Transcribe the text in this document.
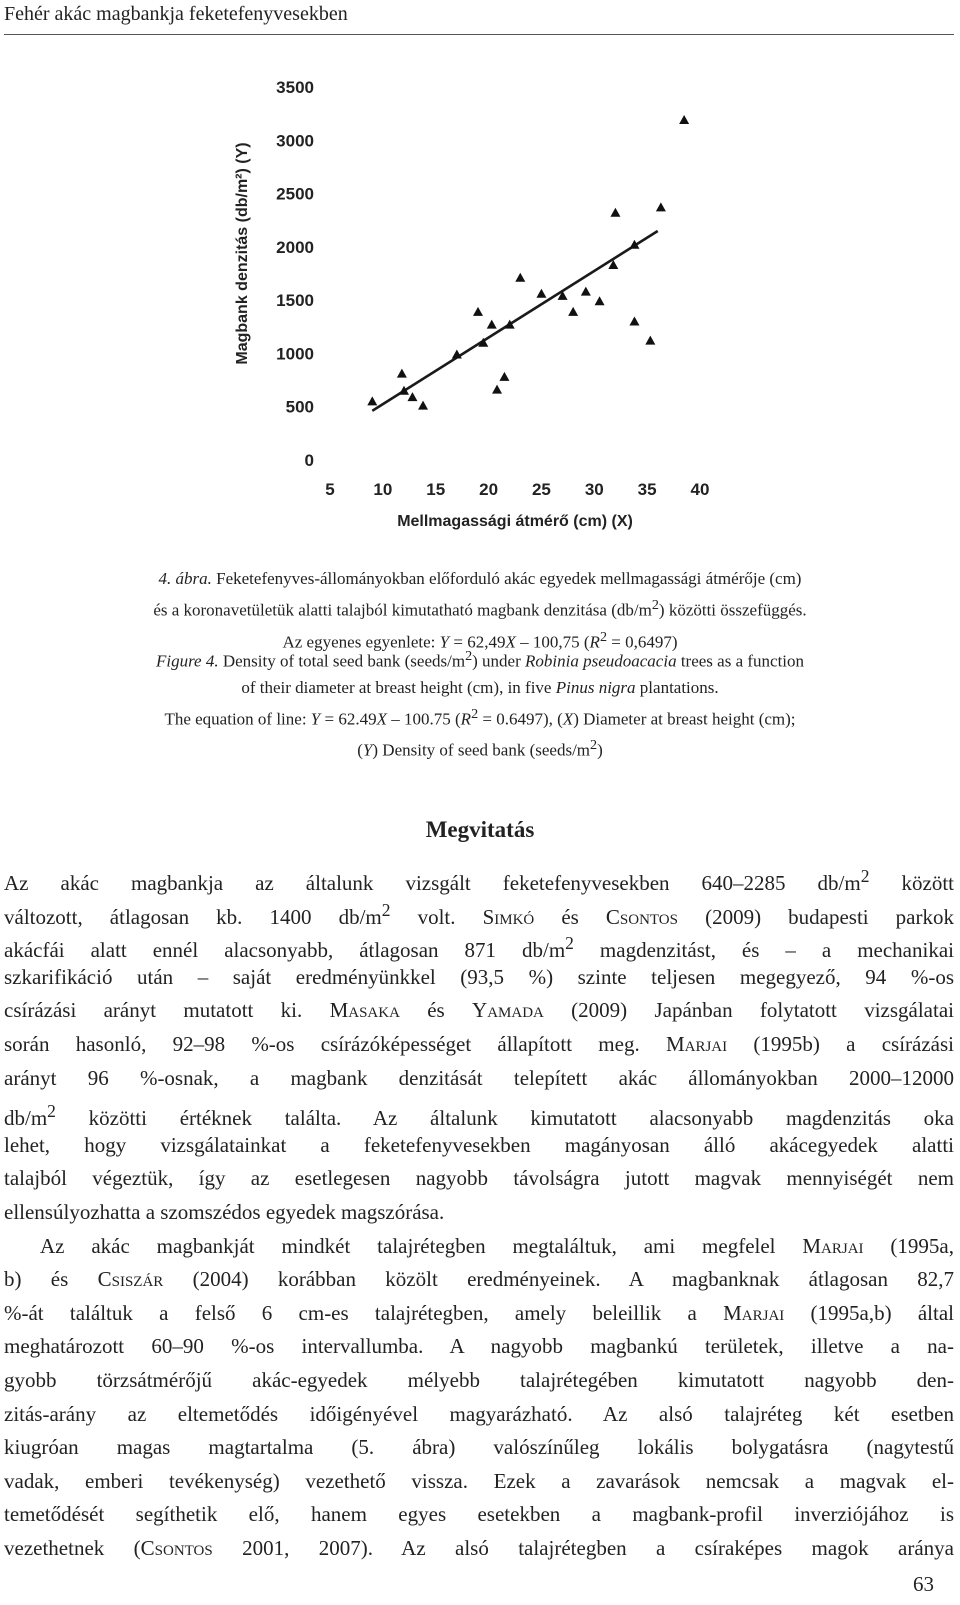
Fehér akác magbankja feketefenyvesekben
0
500
1000
1500
2000
2500
3000
3500
5 10 15 20 25 30 35 40
Mellmagassági átmérő (cm) (X)
Magbank denzitás (db/m²) (Y)
4. ábra. Feketefenyves-állományokban előforduló akác egyedek mellmagassági átmérője (cm)
és a koronavetületük alatti talajból kimutatható magbank denzitása $(db/m^2)$ közötti összefüggés.
Az egyenes egyenlete: Y = 62,49X – 100,75 $(R^2 = 0,6497)$
Figure 4. Density of total seed bank $(seeds/m^2)$ under Robinia pseudoacacia trees as a function
of their diameter at breast height (cm), in five Pinus nigra plantations.
The equation of line: Y = 62.49X – 100.75 $(R^2 = 0.6497)$, (X) Diameter at breast height (cm);
(Y) Density of seed bank $(seeds/m^2)$
Megvitatás
Az akác magbankja az általunk vizsgált feketefenyvesekben 640–2285 $db/m^2$ között
változott, átlagosan kb. 1400 $db/m^2$ volt. Simkó és Csontos (2009) budapesti parkok
akácfái alatt ennél alacsonyabb, átlagosan 871 $db/m^2$ magdenzitást, és – a mechanikai
szkarifikáció után – saját eredményünkkel (93,5 %) szinte teljesen megegyező, 94 %-os
csírázási arányt mutatott ki. Masaka és Yamada (2009) Japánban folytatott vizsgálatai
során hasonló, 92–98 %-os csírázóképességet állapított meg. Marjai (1995b) a csírázási
arányt 96 %-osnak, a magbank denzitását telepített akác állományokban 2000–12000
$db/m^2$ közötti értéknek találta. Az általunk kimutatott alacsonyabb magdenzitás oka
lehet, hogy vizsgálatainkat a feketefenyvesekben magányosan álló akácegyedek alatti
talajból végeztük, így az esetlegesen nagyobb távolságra jutott magvak mennyiségét nem
ellensúlyozhatta a szomszédos egyedek magszórása.
Az akác magbankját mindkét talajrétegben megtaláltuk, ami megfelel Marjai (1995a,
b) és Csiszár (2004) korábban közölt eredményeinek. A magbanknak átlagosan 82,7
%-át találtuk a felső 6 cm-es talajrétegben, amely beleillik a Marjai (1995a,b) által
meghatározott 60–90 %-os intervallumba. A nagyobb magbankú területek, illetve a na-
gyobb törzsátmérőjű akác-egyedek mélyebb talajrétegében kimutatott nagyobb den-
zitás-arány az eltemetődés időigényével magyarázható. Az alsó talajréteg két esetben
kiugróan magas magtartalma (5. ábra) valószínűleg lokális bolygatásra (nagytestű
vadak, emberi tevékenység) vezethető vissza. Ezek a zavarások nemcsak a magvak el-
temetődését segíthetik elő, hanem egyes esetekben a magbank-profil inverziójához is
vezethetnek (Csontos 2001, 2007). Az alsó talajrétegben a csíraképes magok aránya
63
